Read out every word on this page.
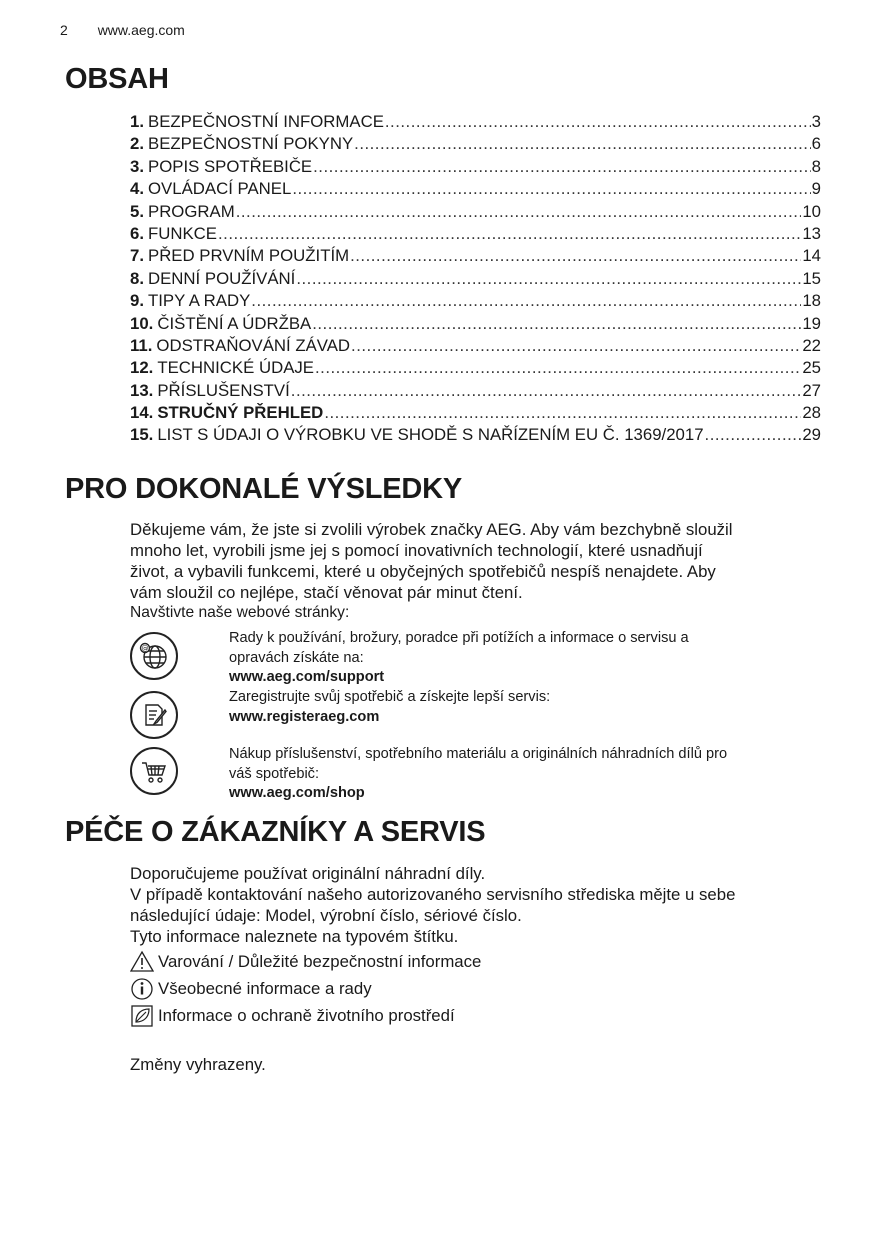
2 www.aeg.com
OBSAH
1. BEZPEČNOSTNÍ INFORMACE .....	3
2. BEZPEČNOSTNÍ POKYNY .....	6
3. POPIS SPOTŘEBIČE .....	8
4. OVLÁDACÍ PANEL .....	9
5. PROGRAM .....	10
6. FUNKCE .....	13
7. PŘED PRVNÍM POUŽITÍM .....	14
8. DENNÍ POUŽÍVÁNÍ .....	15
9. TIPY A RADY .....	18
10. ČIŠTĚNÍ A ÚDRŽBA .....	19
11. ODSTRAŇOVÁNÍ ZÁVAD .....	22
12. TECHNICKÉ ÚDAJE .....	25
13. PŘÍSLUŠENSTVÍ .....	27
14. STRUČNÝ PŘEHLED .....	28
15. LIST S ÚDAJI O VÝROBKU VE SHODĚ S NAŘÍZENÍM EU Č. 1369/2017 .....	29
PRO DOKONALÉ VÝSLEDKY
Děkujeme vám, že jste si zvolili výrobek značky AEG. Aby vám bezchybně sloužil
mnoho let, vyrobili jsme jej s pomocí inovativních technologií, které usnadňují
život, a vybavili funkcemi, které u obyčejných spotřebičů nespíš nenajdete. Aby
vám sloužil co nejlépe, stačí věnovat pár minut čtení.
Navštivte naše webové stránky:
@
Rady k používání, brožury, poradce při potížích a informace o servisu a
opravách získáte na:
www.aeg.com/support
Zaregistrujte svůj spotřebič a získejte lepší servis:
www.registeraeg.com
Nákup příslušenství, spotřebního materiálu a originálních náhradních dílů pro
váš spotřebič:
www.aeg.com/shop
PÉČE O ZÁKAZNÍKY A SERVIS
Doporučujeme používat originální náhradní díly.
V případě kontaktování našeho autorizovaného servisního střediska mějte u sebe
následující údaje: Model, výrobní číslo, sériové číslo.
Tyto informace naleznete na typovém štítku.
Varování / Důležité bezpečnostní informace
Všeobecné informace a rady
Informace o ochraně životního prostředí
Změny vyhrazeny.
